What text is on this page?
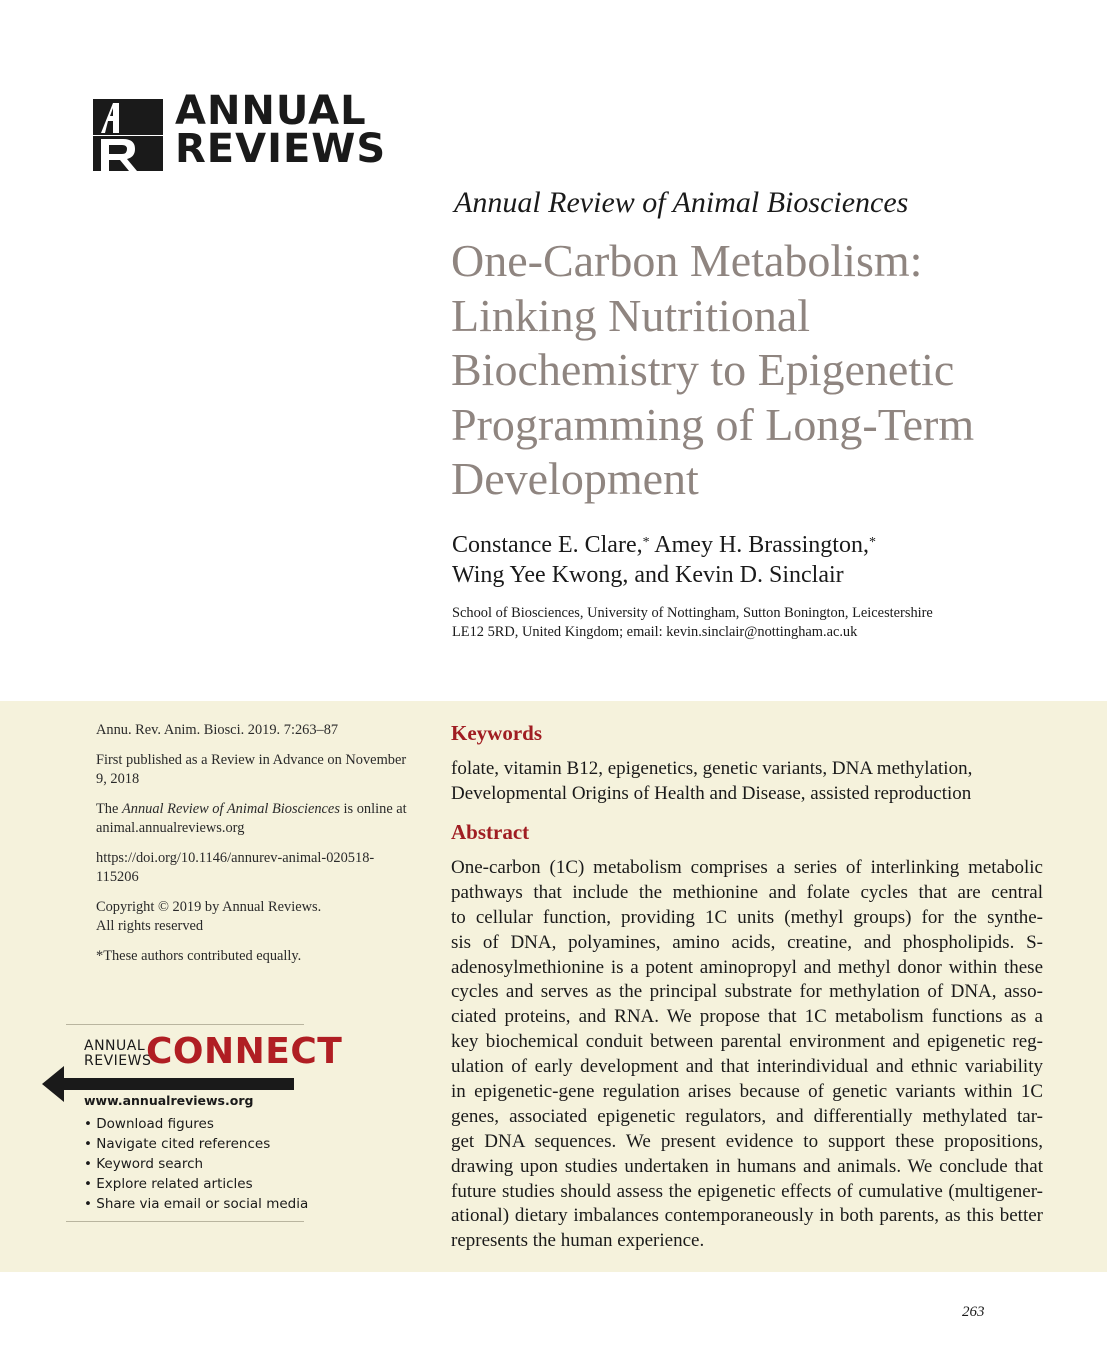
ANNUAL
REVIEWS
Annual Review of Animal Biosciences
One-Carbon Metabolism:
Linking Nutritional
Biochemistry to Epigenetic
Programming of Long-Term
Development
Constance E. Clare,* Amey H. Brassington,*
Wing Yee Kwong, and Kevin D. Sinclair
School of Biosciences, University of Nottingham, Sutton Bonington, Leicestershire
LE12 5RD, United Kingdom; email: kevin.sinclair@nottingham.ac.uk

Annu. Rev. Anim. Biosci. 2019. 7:263–87

First published as a Review in Advance on November 9, 2018

The Annual Review of Animal Biosciences is online at animal.annualreviews.org

https://doi.org/10.1146/annurev-animal-020518-115206

Copyright © 2019 by Annual Reviews.
All rights reserved

*These authors contributed equally.

ANNUAL
REVIEWS
CONNECT
www.annualreviews.org
• Download figures
• Navigate cited references
• Keyword search
• Explore related articles
• Share via email or social media
Keywords
folate, vitamin B12, epigenetics, genetic variants, DNA methylation, Developmental Origins of Health and Disease, assisted reproduction
Abstract
One-carbon (1C) metabolism comprises a series of interlinking metabolic
pathways that include the methionine and folate cycles that are central
to cellular function, providing 1C units (methyl groups) for the synthe-
sis of DNA, polyamines, amino acids, creatine, and phospholipids. S-
adenosylmethionine is a potent aminopropyl and methyl donor within these
cycles and serves as the principal substrate for methylation of DNA, asso-
ciated proteins, and RNA. We propose that 1C metabolism functions as a
key biochemical conduit between parental environment and epigenetic reg-
ulation of early development and that interindividual and ethnic variability
in epigenetic-gene regulation arises because of genetic variants within 1C
genes, associated epigenetic regulators, and differentially methylated tar-
get DNA sequences. We present evidence to support these propositions,
drawing upon studies undertaken in humans and animals. We conclude that
future studies should assess the epigenetic effects of cumulative (multigener-
ational) dietary imbalances contemporaneously in both parents, as this better
represents the human experience.
263
